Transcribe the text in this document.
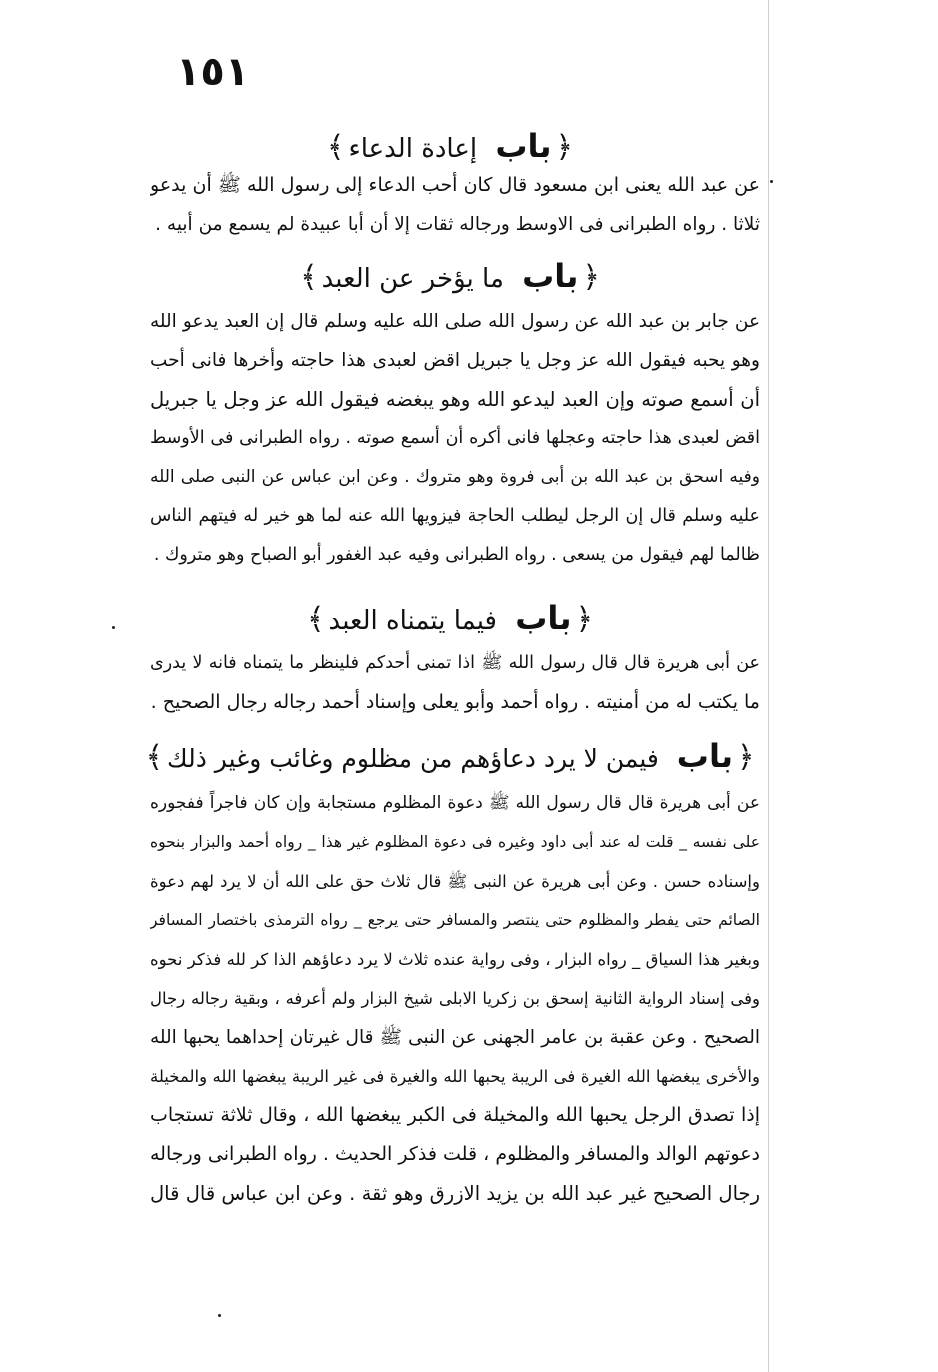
١٥١
﴿باب إعادة الدعاء﴾
عن عبد الله يعنى ابن مسعود قال كان أحب الدعاء إلى رسول الله ﷺ أن يدعو
ثلاثا . رواه الطبرانى فى الاوسط ورجاله ثقات إلا أن أبا عبيدة لم يسمع من أبيه .
﴿باب ما يؤخر عن العبد﴾
عن جابر بن عبد الله عن رسول الله صلى الله عليه وسلم قال إن العبد يدعو الله
وهو يحبه فيقول الله عز وجل يا جبريل اقض لعبدى هذا حاجته وأخرها فانى أحب
أن أسمع صوته وإن العبد ليدعو الله وهو يبغضه فيقول الله عز وجل يا جبريل
اقض لعبدى هذا حاجته وعجلها فانى أكره أن أسمع صوته . رواه الطبرانى فى الأوسط
وفيه اسحق بن عبد الله بن أبى فروة وهو متروك . وعن ابن عباس عن النبى صلى الله
عليه وسلم قال إن الرجل ليطلب الحاجة فيزويها الله عنه لما هو خير له فيتهم الناس
ظالما لهم فيقول من يسعى . رواه الطبرانى وفيه عبد الغفور أبو الصباح وهو متروك .
﴿باب فيما يتمناه العبد﴾
عن أبى هريرة قال قال رسول الله ﷺ اذا تمنى أحدكم فلينظر ما يتمناه فانه لا يدرى
ما يكتب له من أمنيته . رواه أحمد وأبو يعلى وإسناد أحمد رجاله رجال الصحيح .
﴿باب فيمن لا يرد دعاؤهم من مظلوم وغائب وغير ذلك﴾
عن أبى هريرة قال قال رسول الله ﷺ دعوة المظلوم مستجابة وإن كان فاجراً ففجوره
على نفسه _ قلت له عند أبى داود وغيره فى دعوة المظلوم غير هذا _ رواه أحمد والبزار بنحوه
وإسناده حسن . وعن أبى هريرة عن النبى ﷺ قال ثلاث حق على الله أن لا يرد لهم دعوة
الصائم حتى يفطر والمظلوم حتى ينتصر والمسافر حتى يرجع _ رواه الترمذى باختصار المسافر
وبغير هذا السياق _ رواه البزار ، وفى رواية عنده ثلاث لا يرد دعاؤهم الذا كر لله فذكر نحوه
وفى إسناد الرواية الثانية إسحق بن زكريا الابلى شيخ البزار ولم أعرفه ، وبقية رجاله رجال
الصحيح . وعن عقبة بن عامر الجهنى عن النبى ﷺ قال غيرتان إحداهما يحبها الله
والأخرى يبغضها الله الغيرة فى الريبة يحبها الله والغيرة فى غير الريبة يبغضها الله والمخيلة
إذا تصدق الرجل يحبها الله والمخيلة فى الكبر يبغضها الله ، وقال ثلاثة تستجاب
دعوتهم الوالد والمسافر والمظلوم ، قلت فذكر الحديث . رواه الطبرانى ورجاله
رجال الصحيح غير عبد الله بن يزيد الازرق وهو ثقة . وعن ابن عباس قال قال
